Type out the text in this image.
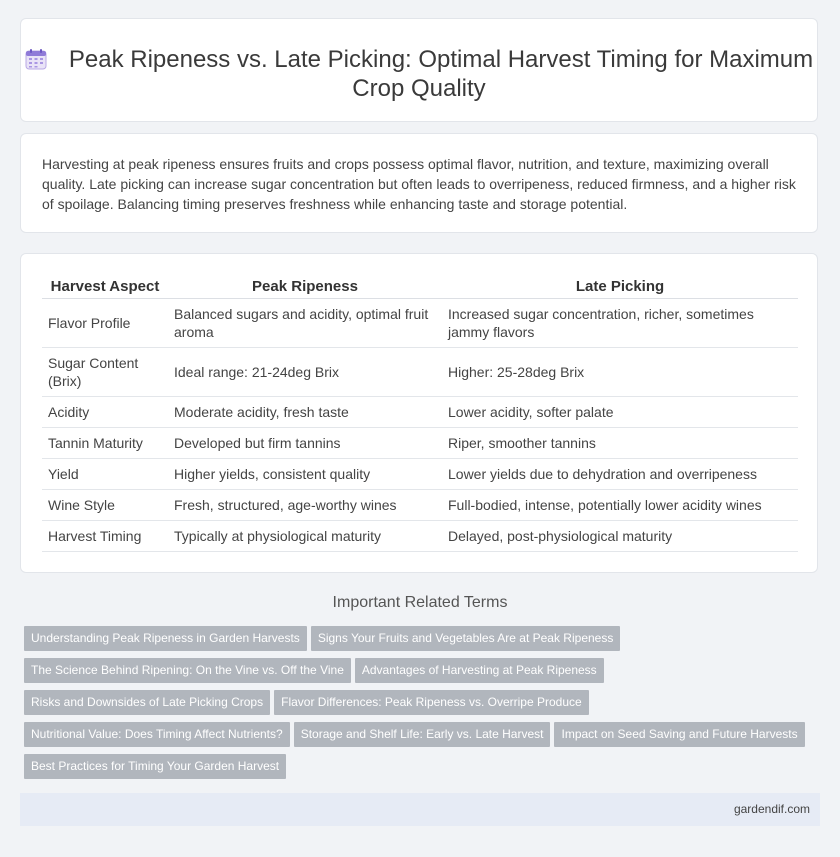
Peak Ripeness vs. Late Picking: Optimal Harvest Timing for Maximum Crop Quality
Harvesting at peak ripeness ensures fruits and crops possess optimal flavor, nutrition, and texture, maximizing overall quality. Late picking can increase sugar concentration but often leads to overripeness, reduced firmness, and a higher risk of spoilage. Balancing timing preserves freshness while enhancing taste and storage potential.
Harvest Aspect	Peak Ripeness	Late Picking
Flavor Profile	Balanced sugars and acidity, optimal fruit aroma	Increased sugar concentration, richer, sometimes jammy flavors
Sugar Content (Brix)	Ideal range: 21-24deg Brix	Higher: 25-28deg Brix
Acidity	Moderate acidity, fresh taste	Lower acidity, softer palate
Tannin Maturity	Developed but firm tannins	Riper, smoother tannins
Yield	Higher yields, consistent quality	Lower yields due to dehydration and overripeness
Wine Style	Fresh, structured, age-worthy wines	Full-bodied, intense, potentially lower acidity wines
Harvest Timing	Typically at physiological maturity	Delayed, post-physiological maturity
Important Related Terms
Understanding Peak Ripeness in Garden Harvests Signs Your Fruits and Vegetables Are at Peak Ripeness
The Science Behind Ripening: On the Vine vs. Off the Vine Advantages of Harvesting at Peak Ripeness
Risks and Downsides of Late Picking Crops Flavor Differences: Peak Ripeness vs. Overripe Produce
Nutritional Value: Does Timing Affect Nutrients? Storage and Shelf Life: Early vs. Late Harvest Impact on Seed Saving and Future Harvests
Best Practices for Timing Your Garden Harvest
gardendif.com
